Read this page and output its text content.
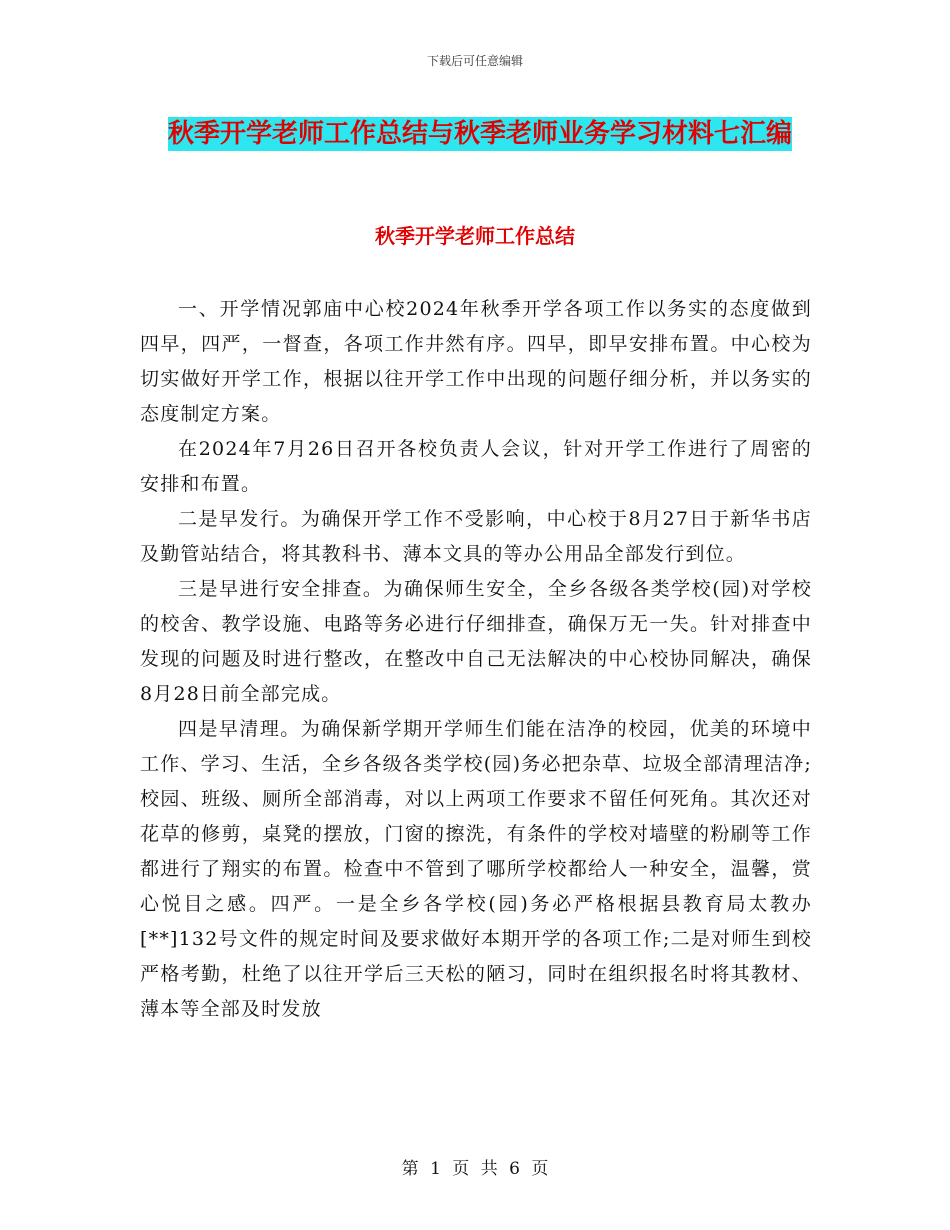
下载后可任意编辑
秋季开学老师工作总结与秋季老师业务学习材料七汇编
秋季开学老师工作总结

一、开学情况郭庙中心校2024年秋季开学各项工作以务实的态度做到四早，四严，一督查，各项工作井然有序。四早，即早安排布置。中心校为切实做好开学工作，根据以往开学工作中出现的问题仔细分析，并以务实的态度制定方案。

在2024年7月26日召开各校负责人会议，针对开学工作进行了周密的安排和布置。

二是早发行。为确保开学工作不受影响，中心校于8月27日于新华书店及勤管站结合，将其教科书、薄本文具的等办公用品全部发行到位。

三是早进行安全排查。为确保师生安全，全乡各级各类学校(园)对学校的校舍、教学设施、电路等务必进行仔细排查，确保万无一失。针对排查中发现的问题及时进行整改，在整改中自己无法解决的中心校协同解决，确保8月28日前全部完成。

四是早清理。为确保新学期开学师生们能在洁净的校园，优美的环境中工作、学习、生活，全乡各级各类学校(园)务必把杂草、垃圾全部清理洁净;校园、班级、厕所全部消毒，对以上两项工作要求不留任何死角。其次还对花草的修剪，桌凳的摆放，门窗的擦洗，有条件的学校对墙壁的粉刷等工作都进行了翔实的布置。检查中不管到了哪所学校都给人一种安全，温馨，赏心悦目之感。四严。一是全乡各学校(园)务必严格根据县教育局太教办[**]132号文件的规定时间及要求做好本期开学的各项工作;二是对师生到校严格考勤，杜绝了以往开学后三天松的陋习，同时在组织报名时将其教材、薄本等全部及时发放

第 1 页 共 6 页
